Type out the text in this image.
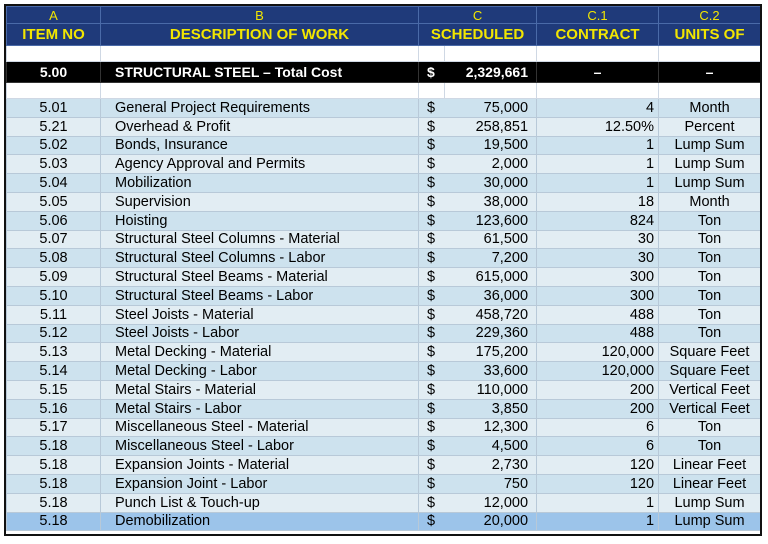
A	B	C		C.1	C.2
ITEM NO	DESCRIPTION OF WORK	SCHEDULED		CONTRACT	UNITS OF

5.00	STRUCTURAL STEEL – Total Cost	$	2,329,661	–	–

5.01	General Project Requirements	$	75,000	4	Month
5.21	Overhead & Profit	$	258,851	12.50%	Percent
5.02	Bonds, Insurance	$	19,500	1	Lump Sum
5.03	Agency Approval and Permits	$	2,000	1	Lump Sum
5.04	Mobilization	$	30,000	1	Lump Sum
5.05	Supervision	$	38,000	18	Month
5.06	Hoisting	$	123,600	824	Ton
5.07	Structural Steel Columns - Material	$	61,500	30	Ton
5.08	Structural Steel Columns - Labor	$	7,200	30	Ton
5.09	Structural Steel Beams - Material	$	615,000	300	Ton
5.10	Structural Steel Beams - Labor	$	36,000	300	Ton
5.11	Steel Joists - Material	$	458,720	488	Ton
5.12	Steel Joists - Labor	$	229,360	488	Ton
5.13	Metal Decking - Material	$	175,200	120,000	Square Feet
5.14	Metal Decking - Labor	$	33,600	120,000	Square Feet
5.15	Metal Stairs - Material	$	110,000	200	Vertical Feet
5.16	Metal Stairs - Labor	$	3,850	200	Vertical Feet
5.17	Miscellaneous Steel - Material	$	12,300	6	Ton
5.18	Miscellaneous Steel - Labor	$	4,500	6	Ton
5.18	Expansion Joints - Material	$	2,730	120	Linear Feet
5.18	Expansion Joint - Labor	$	750	120	Linear Feet
5.18	Punch List & Touch-up	$	12,000	1	Lump Sum
5.18	Demobilization	$	20,000	1	Lump Sum
